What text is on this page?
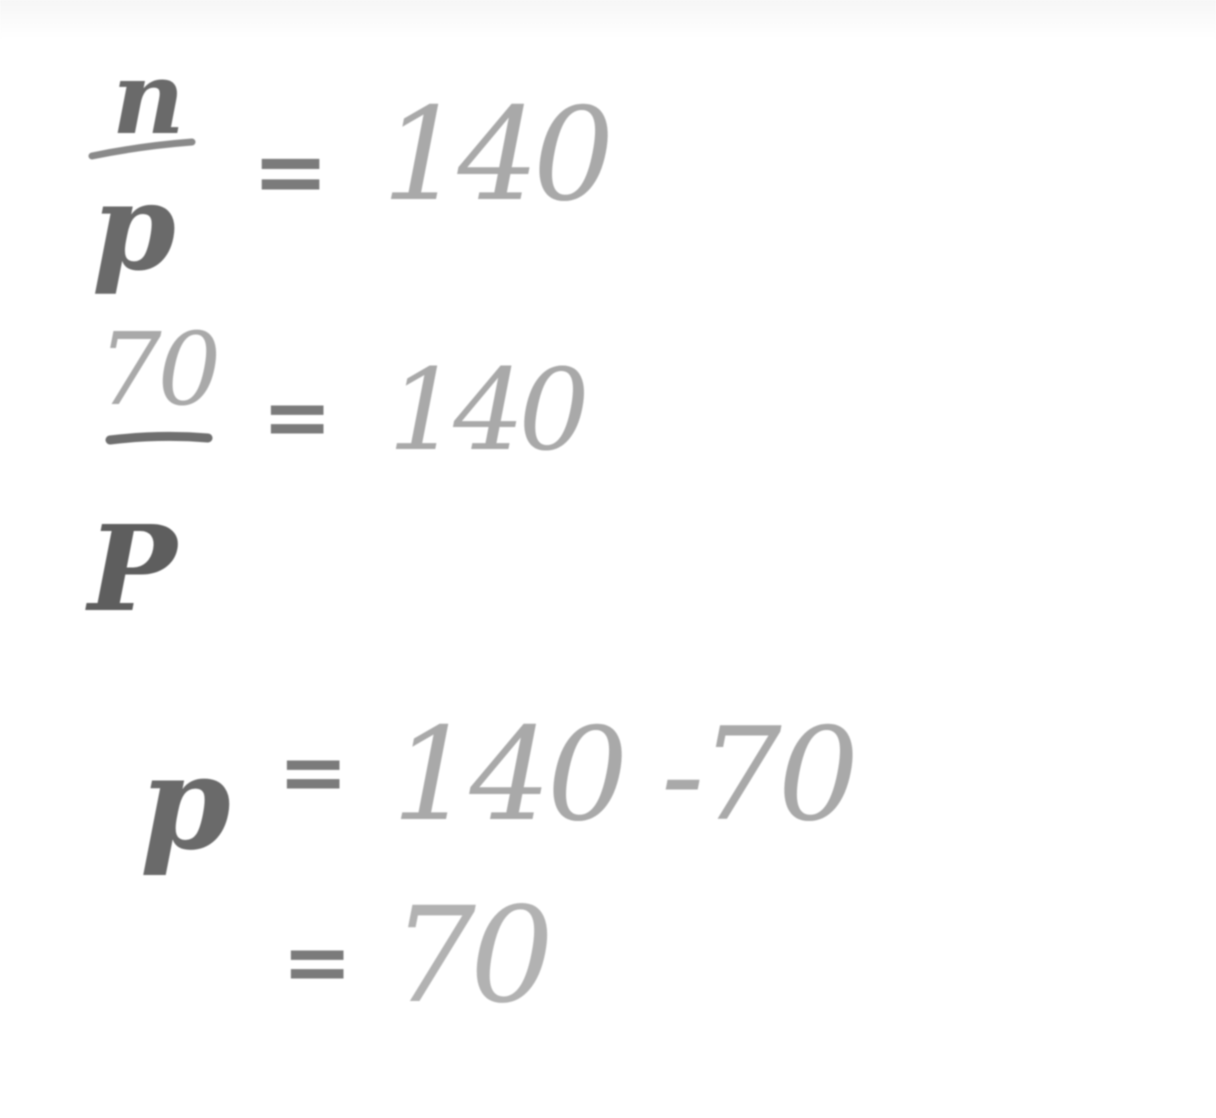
n
p = 140
70 = 140
P
p = 140 -70
= 70
